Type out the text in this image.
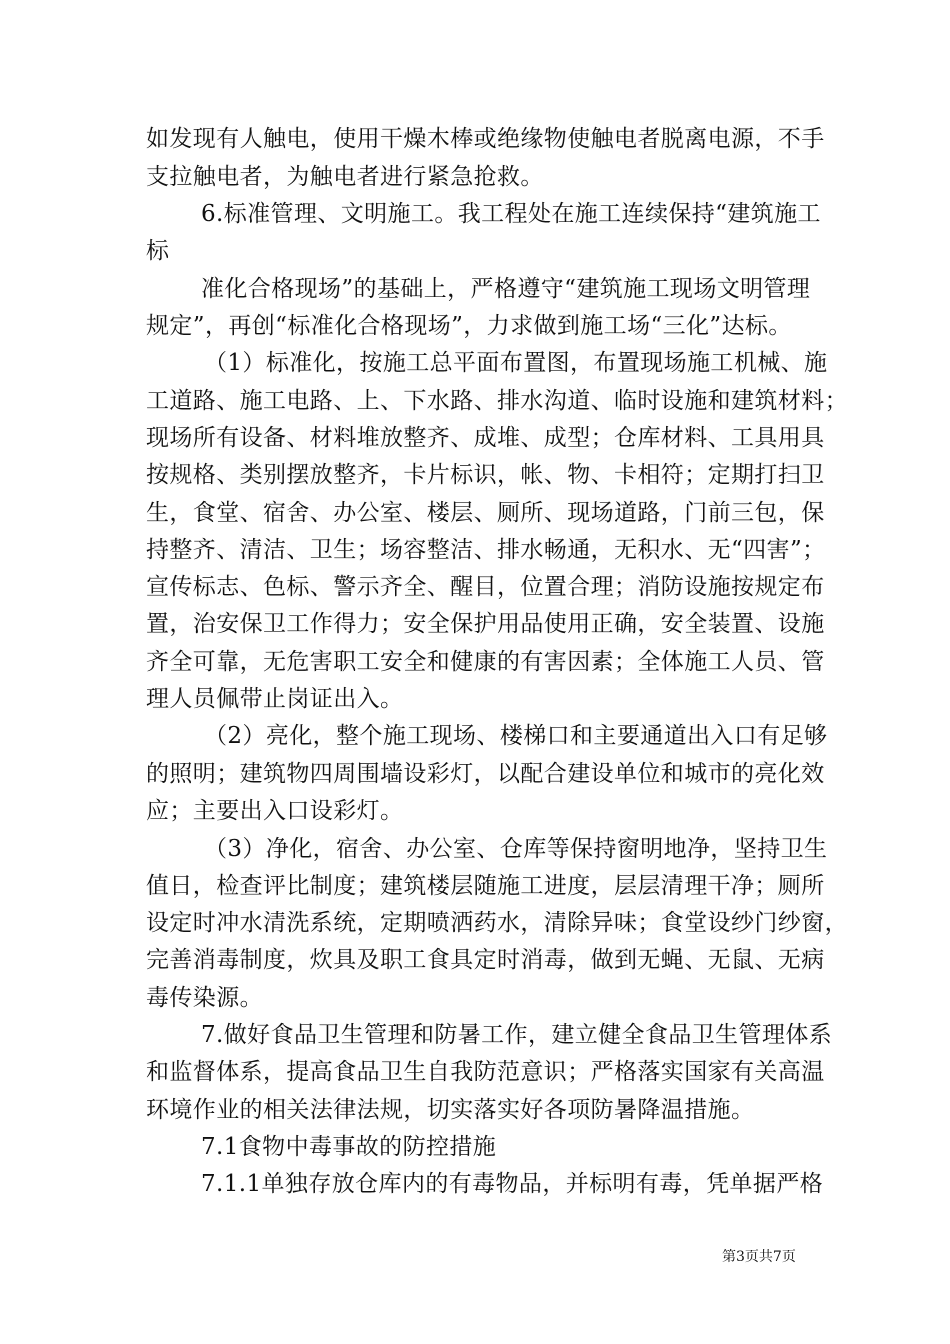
如发现有人触电，使用干燥木棒或绝缘物使触电者脱离电源，不手
支拉触电者，为触电者进行紧急抢救。
6.标准管理、文明施工。我工程处在施工连续保持“建筑施工
标
准化合格现场”的基础上，严格遵守“建筑施工现场文明管理
规定”，再创“标准化合格现场”，力求做到施工场“三化”达标。
（1）标准化，按施工总平面布置图，布置现场施工机械、施
工道路、施工电路、上、下水路、排水沟道、临时设施和建筑材料；
现场所有设备、材料堆放整齐、成堆、成型；仓库材料、工具用具
按规格、类别摆放整齐，卡片标识，帐、物、卡相符；定期打扫卫
生，食堂、宿舍、办公室、楼层、厕所、现场道路，门前三包，保
持整齐、清洁、卫生；场容整洁、排水畅通，无积水、无“四害”；
宣传标志、色标、警示齐全、醒目，位置合理；消防设施按规定布
置，治安保卫工作得力；安全保护用品使用正确，安全装置、设施
齐全可靠，无危害职工安全和健康的有害因素；全体施工人员、管
理人员佩带止岗证出入。
（2）亮化，整个施工现场、楼梯口和主要通道出入口有足够
的照明；建筑物四周围墙设彩灯，以配合建设单位和城市的亮化效
应；主要出入口设彩灯。
（3）净化，宿舍、办公室、仓库等保持窗明地净，坚持卫生
值日，检查评比制度；建筑楼层随施工进度，层层清理干净；厕所
设定时冲水清洗系统，定期喷洒药水，清除异味；食堂设纱门纱窗，
完善消毒制度，炊具及职工食具定时消毒，做到无蝇、无鼠、无病
毒传染源。
7.做好食品卫生管理和防暑工作，建立健全食品卫生管理体系
和监督体系，提高食品卫生自我防范意识；严格落实国家有关高温
环境作业的相关法律法规，切实落实好各项防暑降温措施。
7.1食物中毒事故的防控措施
7.1.1单独存放仓库内的有毒物品，并标明有毒，凭单据严格
第3页共7页
